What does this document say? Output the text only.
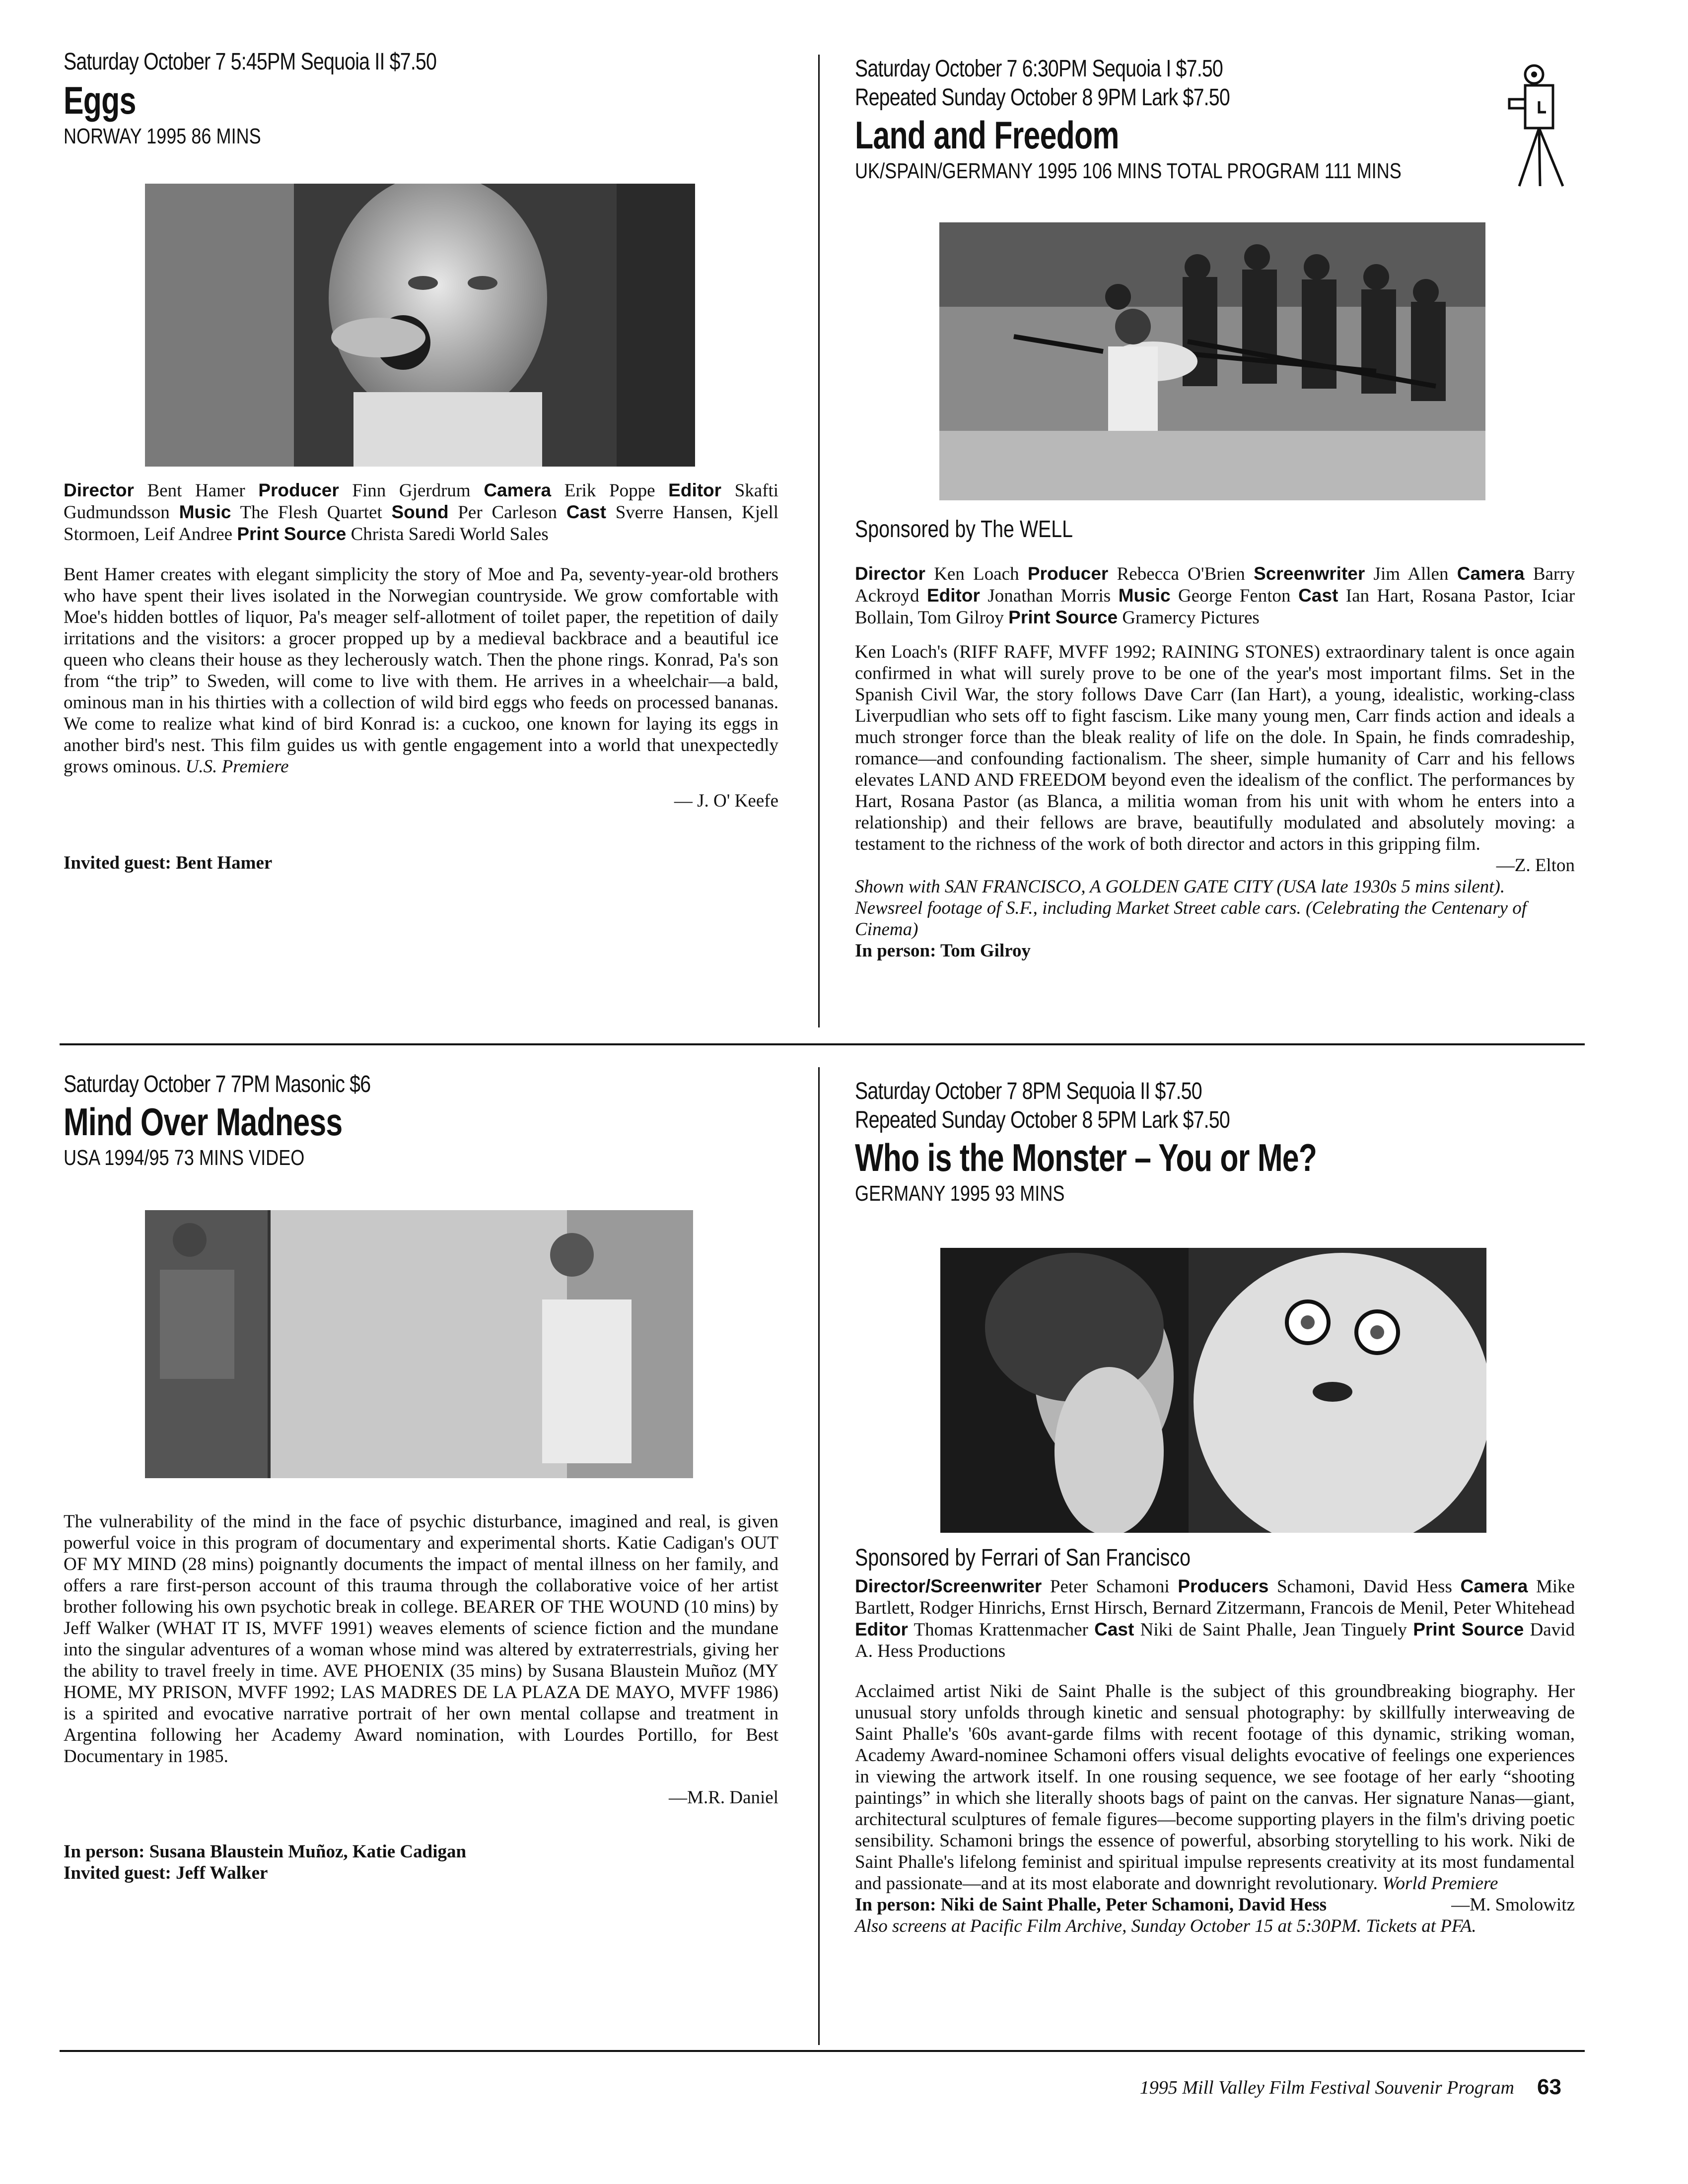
Saturday October 7 5:45PM Sequoia II $7.50
Eggs
NORWAY 1995 86 MINS
Director Bent Hamer Producer Finn Gjerdrum Camera Erik Poppe Editor Skafti Gudmundsson Music The Flesh Quartet Sound Per Carleson Cast Sverre Hansen, Kjell Stormoen, Leif Andree Print Source Christa Saredi World Sales
Bent Hamer creates with elegant simplicity the story of Moe and Pa, seventy-year-old brothers who have spent their lives isolated in the Norwegian countryside. We grow comfortable with Moe's hidden bottles of liquor, Pa's meager self-allotment of toilet paper, the repetition of daily irritations and the visitors: a grocer propped up by a medieval backbrace and a beautiful ice queen who cleans their house as they lecherously watch. Then the phone rings. Konrad, Pa's son from “the trip” to Sweden, will come to live with them. He arrives in a wheelchair—a bald, ominous man in his thirties with a collection of wild bird eggs who feeds on processed bananas. We come to realize what kind of bird Konrad is: a cuckoo, one known for laying its eggs in another bird's nest. This film guides us with gentle engagement into a world that unexpectedly grows ominous. U.S. Premiere
— J. O' Keefe
Invited guest: Bent Hamer
Saturday October 7 6:30PM Sequoia I $7.50
Repeated Sunday October 8 9PM Lark $7.50
Land and Freedom
UK/SPAIN/GERMANY 1995 106 MINS TOTAL PROGRAM 111 MINS
Sponsored by The WELL
Director Ken Loach Producer Rebecca O'Brien Screenwriter Jim Allen Camera Barry Ackroyd Editor Jonathan Morris Music George Fenton Cast Ian Hart, Rosana Pastor, Iciar Bollain, Tom Gilroy Print Source Gramercy Pictures
Ken Loach's (RIFF RAFF, MVFF 1992; RAINING STONES) extraordinary talent is once again confirmed in what will surely prove to be one of the year's most important films. Set in the Spanish Civil War, the story follows Dave Carr (Ian Hart), a young, idealistic, working-class Liverpudlian who sets off to fight fascism. Like many young men, Carr finds action and ideals a much stronger force than the bleak reality of life on the dole. In Spain, he finds comradeship, romance—and confounding factionalism. The sheer, simple humanity of Carr and his fellows elevates LAND AND FREEDOM beyond even the idealism of the conflict. The performances by Hart, Rosana Pastor (as Blanca, a militia woman from his unit with whom he enters into a relationship) and their fellows are brave, beautifully modulated and absolutely moving: a testament to the richness of the work of both director and actors in this gripping film.
—Z. Elton
Shown with SAN FRANCISCO, A GOLDEN GATE CITY (USA late 1930s 5 mins silent). Newsreel footage of S.F., including Market Street cable cars. (Celebrating the Centenary of Cinema)
In person: Tom Gilroy
Saturday October 7 7PM Masonic $6
Mind Over Madness
USA 1994/95 73 MINS VIDEO
The vulnerability of the mind in the face of psychic disturbance, imagined and real, is given powerful voice in this program of documentary and experimental shorts. Katie Cadigan's OUT OF MY MIND (28 mins) poignantly documents the impact of mental illness on her family, and offers a rare first-person account of this trauma through the collaborative voice of her artist brother following his own psychotic break in college. BEARER OF THE WOUND (10 mins) by Jeff Walker (WHAT IT IS, MVFF 1991) weaves elements of science fiction and the mundane into the singular adventures of a woman whose mind was altered by extraterrestrials, giving her the ability to travel freely in time. AVE PHOENIX (35 mins) by Susana Blaustein Muñoz (MY HOME, MY PRISON, MVFF 1992; LAS MADRES DE LA PLAZA DE MAYO, MVFF 1986) is a spirited and evocative narrative portrait of her own mental collapse and treatment in Argentina following her Academy Award nomination, with Lourdes Portillo, for Best Documentary in 1985.
—M.R. Daniel
In person: Susana Blaustein Muñoz, Katie Cadigan
Invited guest: Jeff Walker
Saturday October 7 8PM Sequoia II $7.50
Repeated Sunday October 8 5PM Lark $7.50
Who is the Monster – You or Me?
GERMANY 1995 93 MINS
Sponsored by Ferrari of San Francisco
Director/Screenwriter Peter Schamoni Producers Schamoni, David Hess Camera Mike Bartlett, Rodger Hinrichs, Ernst Hirsch, Bernard Zitzermann, Francois de Menil, Peter Whitehead Editor Thomas Krattenmacher Cast Niki de Saint Phalle, Jean Tinguely Print Source David A. Hess Productions
Acclaimed artist Niki de Saint Phalle is the subject of this groundbreaking biography. Her unusual story unfolds through kinetic and sensual photography: by skillfully interweaving de Saint Phalle's '60s avant-garde films with recent footage of this dynamic, striking woman, Academy Award-nominee Schamoni offers visual delights evocative of feelings one experiences in viewing the artwork itself. In one rousing sequence, we see footage of her early “shooting paintings” in which she literally shoots bags of paint on the canvas. Her signature Nanas—giant, architectural sculptures of female figures—become supporting players in the film's driving poetic sensibility. Schamoni brings the essence of powerful, absorbing storytelling to his work. Niki de Saint Phalle's lifelong feminist and spiritual impulse represents creativity at its most fundamental and passionate—and at its most elaborate and downright revolutionary. World Premiere
—M. Smolowitz
In person: Niki de Saint Phalle, Peter Schamoni, David Hess
Also screens at Pacific Film Archive, Sunday October 15 at 5:30PM. Tickets at PFA.
1995 Mill Valley Film Festival Souvenir Program 63
